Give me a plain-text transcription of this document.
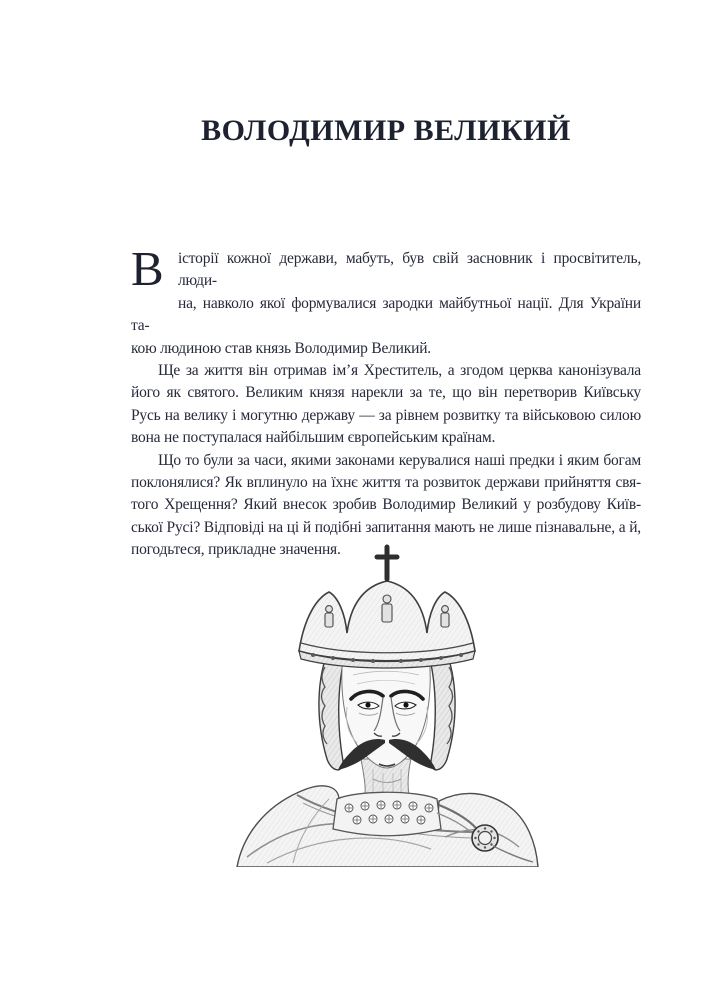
ВОЛОДИМИР ВЕЛИКИЙ
В історії кожної держави, мабуть, був свій засновник і просвітитель, люди-
на, навколо якої формувалися зародки майбутньої нації. Для України та-
кою людиною став князь Володимир Великий.
Ще за життя він отримав ім’я Хреститель, а згодом церква канонізувала
його як святого. Великим князя нарекли за те, що він перетворив Київську
Русь на велику і могутню державу — за рівнем розвитку та військовою силою
вона не поступалася найбільшим європейським країнам.
Що то були за часи, якими законами керувалися наші предки і яким богам
поклонялися? Як вплинуло на їхнє життя та розвиток держави прийняття свя-
того Хрещення? Який внесок зробив Володимир Великий у розбудову Київ-
ської Русі? Відповіді на ці й подібні запитання мають не лише пізнавальне, а й,
погодьтеся, прикладне значення.
